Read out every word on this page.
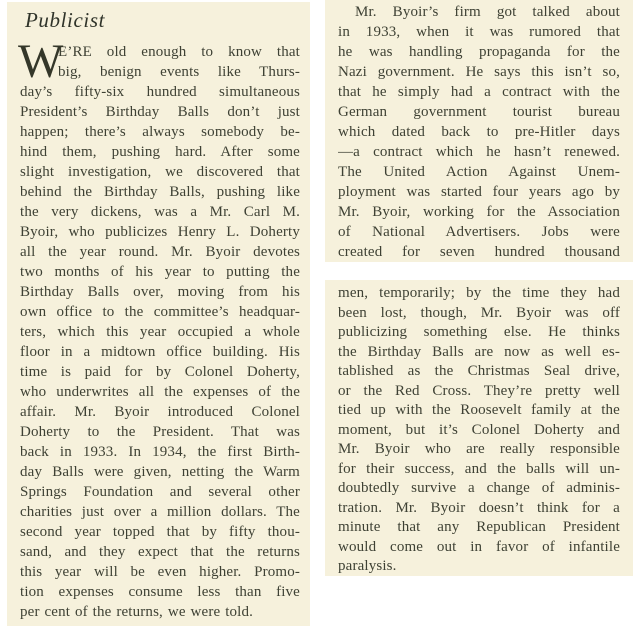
Publicist
W
E’RE old enough to know that
big, benign events like Thurs-
day’s fifty-six hundred simultaneous
President’s Birthday Balls don’t just
happen; there’s always somebody be-
hind them, pushing hard. After some
slight investigation, we discovered that
behind the Birthday Balls, pushing like
the very dickens, was a Mr. Carl M.
Byoir, who publicizes Henry L. Doherty
all the year round. Mr. Byoir devotes
two months of his year to putting the
Birthday Balls over, moving from his
own office to the committee’s headquar-
ters, which this year occupied a whole
floor in a midtown office building. His
time is paid for by Colonel Doherty,
who underwrites all the expenses of the
affair. Mr. Byoir introduced Colonel
Doherty to the President. That was
back in 1933. In 1934, the first Birth-
day Balls were given, netting the Warm
Springs Foundation and several other
charities just over a million dollars. The
second year topped that by fifty thou-
sand, and they expect that the returns
this year will be even higher. Promo-
tion expenses consume less than five
per cent of the returns, we were told.
Mr. Byoir’s firm got talked about
in 1933, when it was rumored that
he was handling propaganda for the
Nazi government. He says this isn’t so,
that he simply had a contract with the
German government tourist bureau
which dated back to pre-Hitler days
—a contract which he hasn’t renewed.
The United Action Against Unem-
ployment was started four years ago by
Mr. Byoir, working for the Association
of National Advertisers. Jobs were
created for seven hundred thousand
men, temporarily; by the time they had
been lost, though, Mr. Byoir was off
publicizing something else. He thinks
the Birthday Balls are now as well es-
tablished as the Christmas Seal drive,
or the Red Cross. They’re pretty well
tied up with the Roosevelt family at the
moment, but it’s Colonel Doherty and
Mr. Byoir who are really responsible
for their success, and the balls will un-
doubtedly survive a change of adminis-
tration. Mr. Byoir doesn’t think for a
minute that any Republican President
would come out in favor of infantile
paralysis.
